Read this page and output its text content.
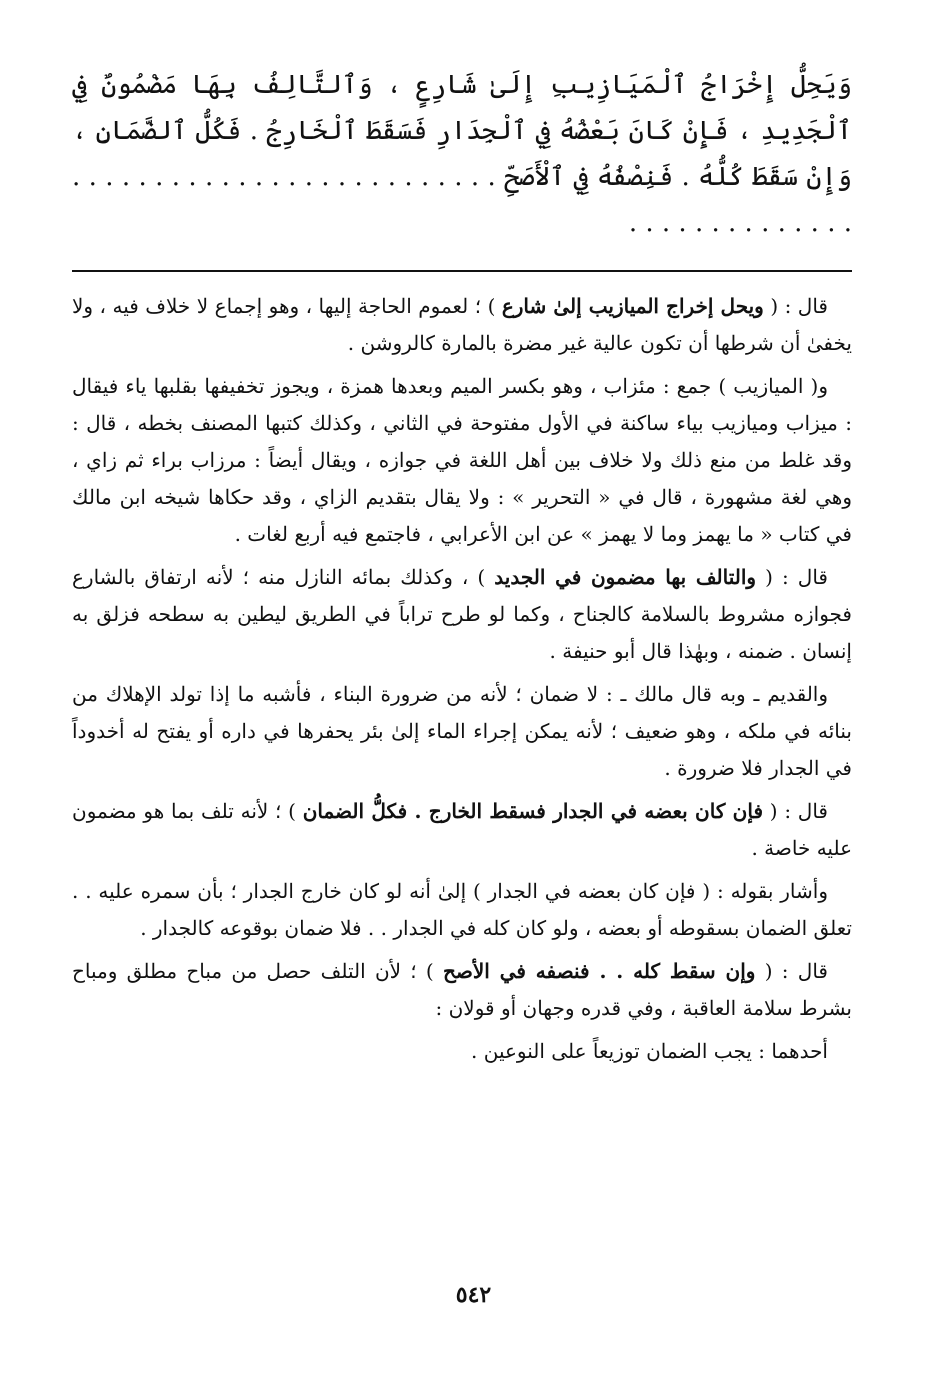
وَيَحِلُّ إِخْرَاجُ ٱلْمَيَازِيبِ إِلَىٰ شَارِعٍ ، وَٱلتَّالِفُ بِهَا مَضْمُونٌ فِي ٱلْجَدِيدِ ، فَإِنْ كَانَ بَعْضُهُ فِي ٱلْجِدَارِ فَسَقَطَ ٱلْخَارِجُ . فَكُلُّ ٱلضَّمَانِ ، وَإِنْ سَقَطَ كُلُّهُ . فَنِصْفُهُ فِي ٱلْأَصَحِّ . . . . . . . . . . . . . . . . . . . . . . . . . . . . . . . . . . . . . . . .

قال : ( ويحل إخراج الميازيب إلىٰ شارع ) ؛ لعموم الحاجة إليها ، وهو إجماع لا خلاف فيه ، ولا يخفىٰ أن شرطها أن تكون عالية غير مضرة بالمارة كالروشن .

و( الميازيب ) جمع : مئزاب ، وهو بكسر الميم وبعدها همزة ، ويجوز تخفيفها بقلبها ياء فيقال : ميزاب وميازيب بياء ساكنة في الأول مفتوحة في الثاني ، وكذلك كتبها المصنف بخطه ، قال : وقد غلط من منع ذلك ولا خلاف بين أهل اللغة في جوازه ، ويقال أيضاً : مرزاب براء ثم زاي ، وهي لغة مشهورة ، قال في « التحرير » : ولا يقال بتقديم الزاي ، وقد حكاها شيخه ابن مالك في كتاب « ما يهمز وما لا يهمز » عن ابن الأعرابي ، فاجتمع فيه أربع لغات .

قال : ( والتالف بها مضمون في الجديد ) ، وكذلك بمائه النازل منه ؛ لأنه ارتفاق بالشارع فجوازه مشروط بالسلامة كالجناح ، وكما لو طرح تراباً في الطريق ليطين به سطحه فزلق به إنسان . ضمنه ، وبهٰذا قال أبو حنيفة .

والقديم ـ وبه قال مالك ـ : لا ضمان ؛ لأنه من ضرورة البناء ، فأشبه ما إذا تولد الإهلاك من بنائه في ملكه ، وهو ضعيف ؛ لأنه يمكن إجراء الماء إلىٰ بئر يحفرها في داره أو يفتح له أخدوداً في الجدار فلا ضرورة .

قال : ( فإن كان بعضه في الجدار فسقط الخارج . فكلُّ الضمان ) ؛ لأنه تلف بما هو مضمون عليه خاصة .

وأشار بقوله : ( فإن كان بعضه في الجدار ) إلىٰ أنه لو كان خارج الجدار ؛ بأن سمره عليه . . تعلق الضمان بسقوطه أو بعضه ، ولو كان كله في الجدار . . فلا ضمان بوقوعه كالجدار .

قال : ( وإن سقط كله . . فنصفه في الأصح ) ؛ لأن التلف حصل من مباح مطلق ومباح بشرط سلامة العاقبة ، وفي قدره وجهان أو قولان :

أحدهما : يجب الضمان توزيعاً على النوعين .

٥٤٢
